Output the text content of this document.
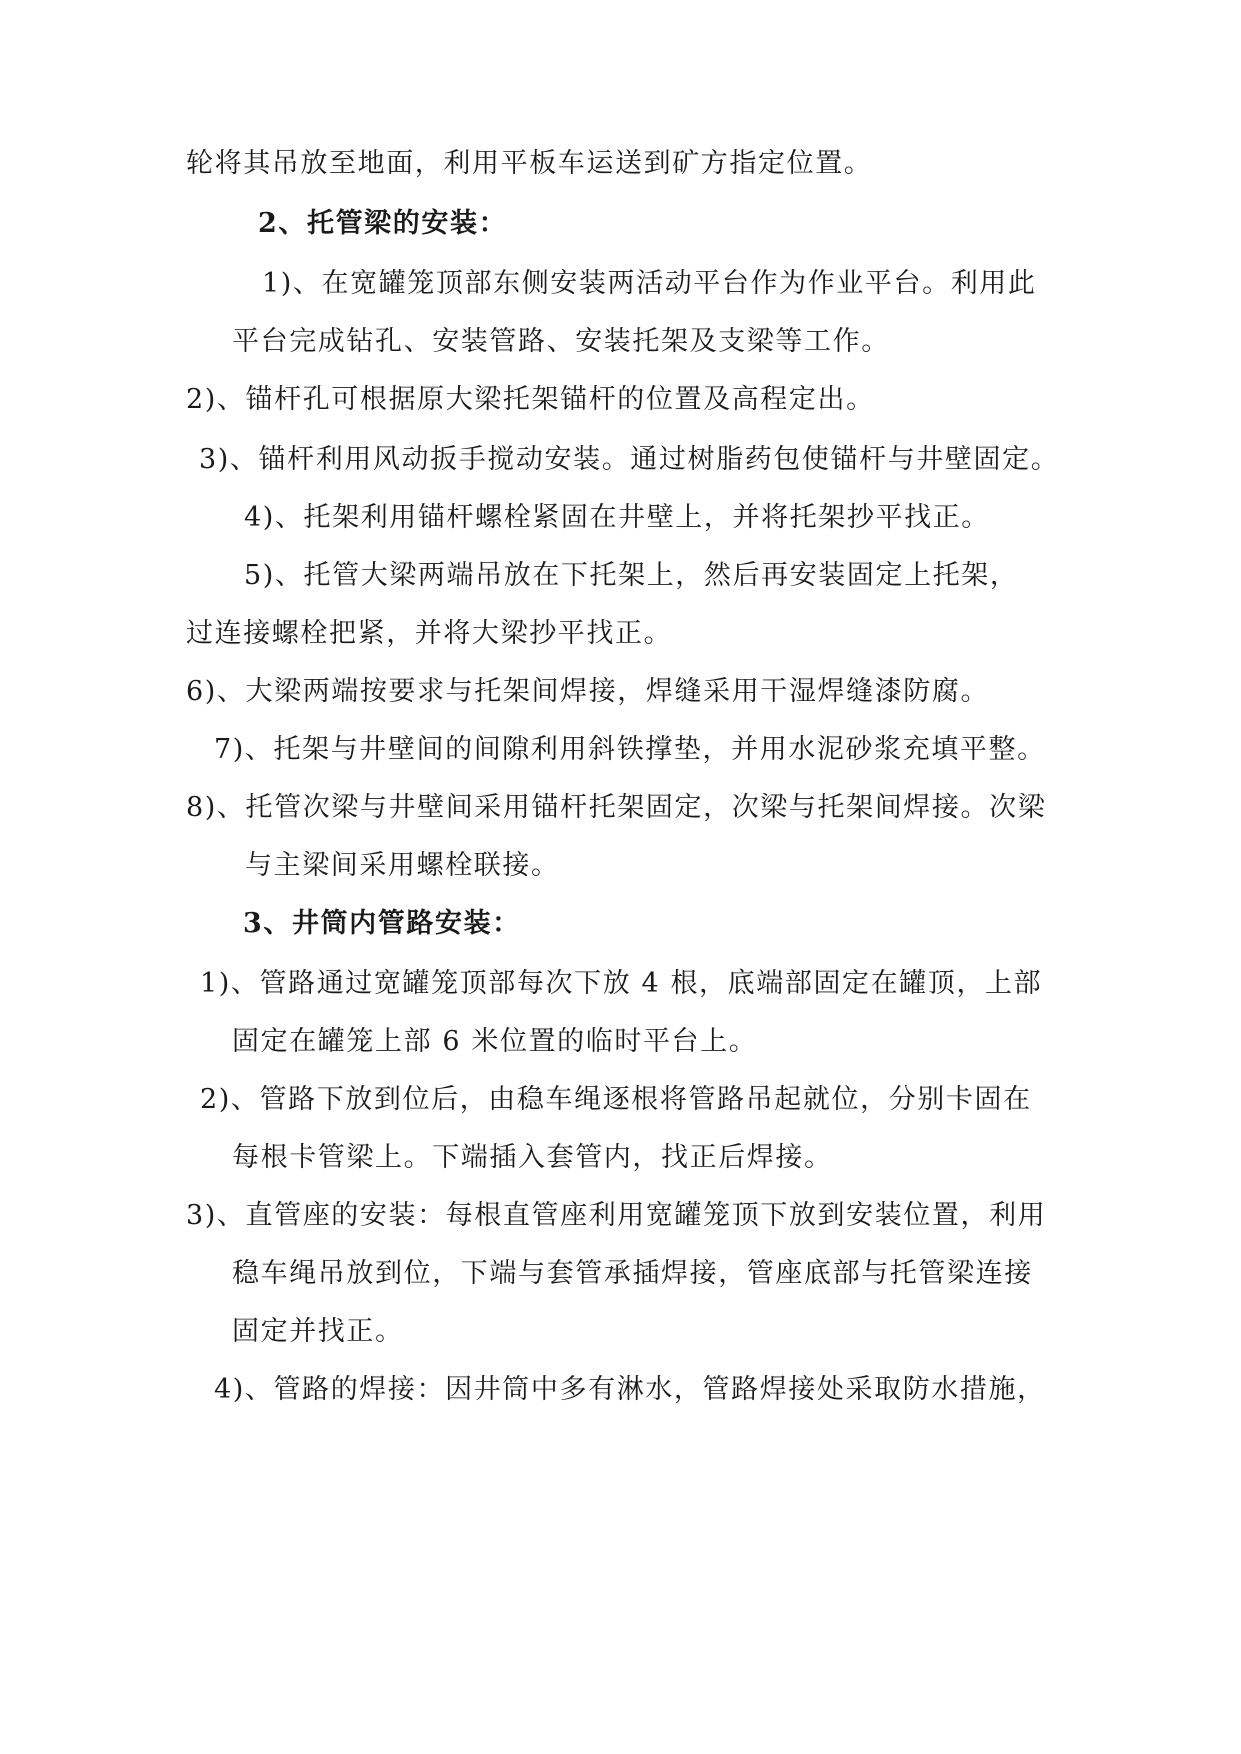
轮将其吊放至地面，利用平板车运送到矿方指定位置。
2、托管梁的安装：
1)、在宽罐笼顶部东侧安装两活动平台作为作业平台。利用此
平台完成钻孔、安装管路、安装托架及支梁等工作。
2)、锚杆孔可根据原大梁托架锚杆的位置及高程定出。
3)、锚杆利用风动扳手搅动安装。通过树脂药包使锚杆与井壁固定。
4)、托架利用锚杆螺栓紧固在井壁上，并将托架抄平找正。
5)、托管大梁两端吊放在下托架上，然后再安装固定上托架，
过连接螺栓把紧，并将大梁抄平找正。
6)、大梁两端按要求与托架间焊接，焊缝采用干湿焊缝漆防腐。
7)、托架与井壁间的间隙利用斜铁撑垫，并用水泥砂浆充填平整。
8)、托管次梁与井壁间采用锚杆托架固定，次梁与托架间焊接。次梁
与主梁间采用螺栓联接。
3、井筒内管路安装：
1)、管路通过宽罐笼顶部每次下放 4 根，底端部固定在罐顶，上部
固定在罐笼上部 6 米位置的临时平台上。
2)、管路下放到位后，由稳车绳逐根将管路吊起就位，分别卡固在
每根卡管梁上。下端插入套管内，找正后焊接。
3)、直管座的安装：每根直管座利用宽罐笼顶下放到安装位置，利用
稳车绳吊放到位，下端与套管承插焊接，管座底部与托管梁连接
固定并找正。
4)、管路的焊接：因井筒中多有淋水，管路焊接处采取防水措施，
